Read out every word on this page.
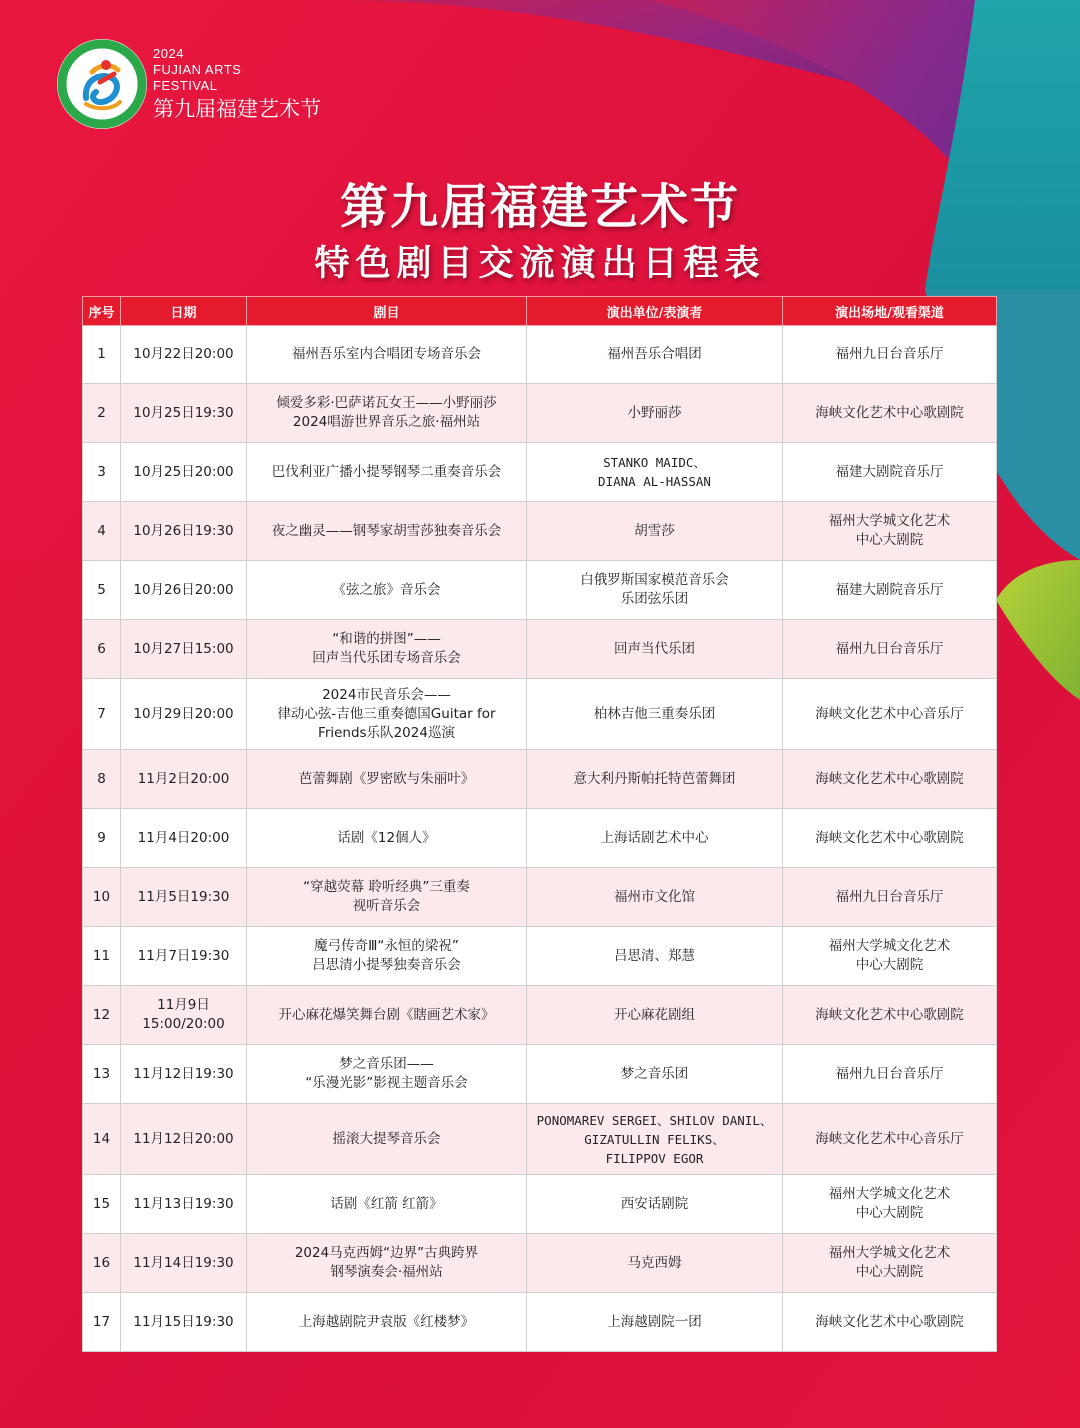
2024
FUJIAN ARTS
FESTIVAL
第九届福建艺术节
第九届福建艺术节
特色剧目交流演出日程表
序号	日期	剧目	演出单位/表演者	演出场地/观看渠道

1	10月22日20:00	福州吾乐室内合唱团专场音乐会	福州吾乐合唱团	福州九日台音乐厅

2	10月25日19:30	倾爱多彩·巴萨诺瓦女王——小野丽莎
2024唱游世界音乐之旅·福州站	小野丽莎	海峡文化艺术中心歌剧院

3	10月25日20:00	巴伐利亚广播小提琴钢琴二重奏音乐会	STANKO MAIDC、
DIANA AL-HASSAN	福建大剧院音乐厅

4	10月26日19:30	夜之幽灵——钢琴家胡雪莎独奏音乐会	胡雪莎	福州大学城文化艺术
中心大剧院

5	10月26日20:00	《弦之旅》音乐会	白俄罗斯国家模范音乐会
乐团弦乐团	福建大剧院音乐厅

6	10月27日15:00	“和谐的拼图”——
回声当代乐团专场音乐会	回声当代乐团	福州九日台音乐厅

7	10月29日20:00	2024市民音乐会——
律动心弦-吉他三重奏德国Guitar for
Friends乐队2024巡演	柏林吉他三重奏乐团	海峡文化艺术中心音乐厅

8	11月2日20:00	芭蕾舞剧《罗密欧与朱丽叶》	意大利丹斯帕托特芭蕾舞团	海峡文化艺术中心歌剧院

9	11月4日20:00	话剧《12個人》	上海话剧艺术中心	海峡文化艺术中心歌剧院

10	11月5日19:30	“穿越荧幕 聆听经典”三重奏
视听音乐会	福州市文化馆	福州九日台音乐厅

11	11月7日19:30	魔弓传奇Ⅲ“永恒的梁祝”
吕思清小提琴独奏音乐会	吕思清、郑慧	福州大学城文化艺术
中心大剧院

12	11月9日
15:00/20:00	开心麻花爆笑舞台剧《瞎画艺术家》	开心麻花剧组	海峡文化艺术中心歌剧院

13	11月12日19:30	梦之音乐团——
“乐漫光影”影视主题音乐会	梦之音乐团	福州九日台音乐厅

14	11月12日20:00	摇滚大提琴音乐会	PONOMAREV SERGEI、SHILOV DANIL、
GIZATULLIN FELIKS、
FILIPPOV EGOR	海峡文化艺术中心音乐厅

15	11月13日19:30	话剧《红箭 红箭》	西安话剧院	福州大学城文化艺术
中心大剧院

16	11月14日19:30	2024马克西姆“边界”古典跨界
钢琴演奏会·福州站	马克西姆	福州大学城文化艺术
中心大剧院

17	11月15日19:30	上海越剧院尹袁版《红楼梦》	上海越剧院一团	海峡文化艺术中心歌剧院
